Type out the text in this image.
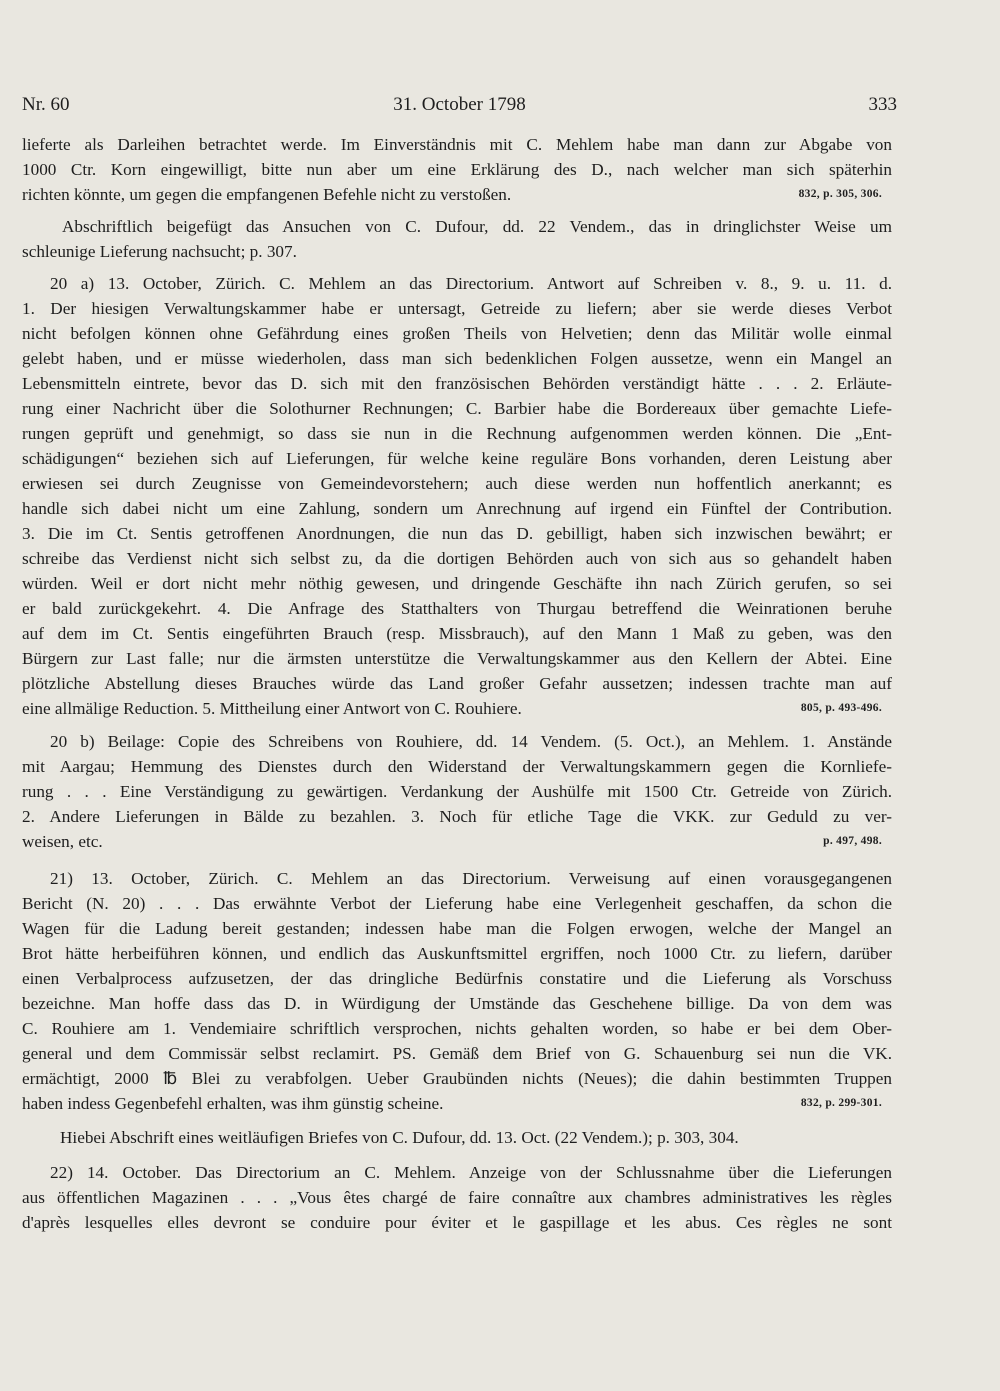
Nr. 60	31. October 1798	333
lieferte als Darleihen betrachtet werde. Im Einverständnis mit C. Mehlem habe man dann zur Abgabe von
1000 Ctr. Korn eingewilligt, bitte nun aber um eine Erklärung des D., nach welcher man sich späterhin
richten könnte, um gegen die empfangenen Befehle nicht zu verstoßen.	832, p. 305, 306.
Abschriftlich beigefügt das Ansuchen von C. Dufour, dd. 22 Vendem., das in dringlichster Weise um
schleunige Lieferung nachsucht; p. 307.
20 a) 13. October, Zürich. C. Mehlem an das Directorium. Antwort auf Schreiben v. 8., 9. u. 11. d.
1. Der hiesigen Verwaltungskammer habe er untersagt, Getreide zu liefern; aber sie werde dieses Verbot
nicht befolgen können ohne Gefährdung eines großen Theils von Helvetien; denn das Militär wolle einmal
gelebt haben, und er müsse wiederholen, dass man sich bedenklichen Folgen aussetze, wenn ein Mangel an
Lebensmitteln eintrete, bevor das D. sich mit den französischen Behörden verständigt hätte . . . 2. Erläute-
rung einer Nachricht über die Solothurner Rechnungen; C. Barbier habe die Bordereaux über gemachte Liefe-
rungen geprüft und genehmigt, so dass sie nun in die Rechnung aufgenommen werden können. Die „Ent-
schädigungen“ beziehen sich auf Lieferungen, für welche keine reguläre Bons vorhanden, deren Leistung aber
erwiesen sei durch Zeugnisse von Gemeindevorstehern; auch diese werden nun hoffentlich anerkannt; es
handle sich dabei nicht um eine Zahlung, sondern um Anrechnung auf irgend ein Fünftel der Contribution.
3. Die im Ct. Sentis getroffenen Anordnungen, die nun das D. gebilligt, haben sich inzwischen bewährt; er
schreibe das Verdienst nicht sich selbst zu, da die dortigen Behörden auch von sich aus so gehandelt haben
würden. Weil er dort nicht mehr nöthig gewesen, und dringende Geschäfte ihn nach Zürich gerufen, so sei
er bald zurückgekehrt. 4. Die Anfrage des Statthalters von Thurgau betreffend die Weinrationen beruhe
auf dem im Ct. Sentis eingeführten Brauch (resp. Missbrauch), auf den Mann 1 Maß zu geben, was den
Bürgern zur Last falle; nur die ärmsten unterstütze die Verwaltungskammer aus den Kellern der Abtei. Eine
plötzliche Abstellung dieses Brauches würde das Land großer Gefahr aussetzen; indessen trachte man auf
eine allmälige Reduction. 5. Mittheilung einer Antwort von C. Rouhiere.	805, p. 493-496.
20 b) Beilage: Copie des Schreibens von Rouhiere, dd. 14 Vendem. (5. Oct.), an Mehlem. 1. Anstände
mit Aargau; Hemmung des Dienstes durch den Widerstand der Verwaltungskammern gegen die Kornliefe-
rung . . . Eine Verständigung zu gewärtigen. Verdankung der Aushülfe mit 1500 Ctr. Getreide von Zürich.
2. Andere Lieferungen in Bälde zu bezahlen. 3. Noch für etliche Tage die VKK. zur Geduld zu ver-
weisen, etc.	p. 497, 498.
21) 13. October, Zürich. C. Mehlem an das Directorium. Verweisung auf einen vorausgegangenen
Bericht (N. 20) . . . Das erwähnte Verbot der Lieferung habe eine Verlegenheit geschaffen, da schon die
Wagen für die Ladung bereit gestanden; indessen habe man die Folgen erwogen, welche der Mangel an
Brot hätte herbeiführen können, und endlich das Auskunftsmittel ergriffen, noch 1000 Ctr. zu liefern, darüber
einen Verbalprocess aufzusetzen, der das dringliche Bedürfnis constatire und die Lieferung als Vorschuss
bezeichne. Man hoffe dass das D. in Würdigung der Umstände das Geschehene billige. Da von dem was
C. Rouhiere am 1. Vendemiaire schriftlich versprochen, nichts gehalten worden, so habe er bei dem Ober-
general und dem Commissär selbst reclamirt. PS. Gemäß dem Brief von G. Schauenburg sei nun die VK.
ermächtigt, 2000 ℔ Blei zu verabfolgen. Ueber Graubünden nichts (Neues); die dahin bestimmten Truppen
haben indess Gegenbefehl erhalten, was ihm günstig scheine.	832, p. 299-301.
Hiebei Abschrift eines weitläufigen Briefes von C. Dufour, dd. 13. Oct. (22 Vendem.); p. 303, 304.
22) 14. October. Das Directorium an C. Mehlem. Anzeige von der Schlussnahme über die Lieferungen
aus öffentlichen Magazinen . . . „Vous êtes chargé de faire connaître aux chambres administratives les règles
d'après lesquelles elles devront se conduire pour éviter et le gaspillage et les abus. Ces règles ne sont
